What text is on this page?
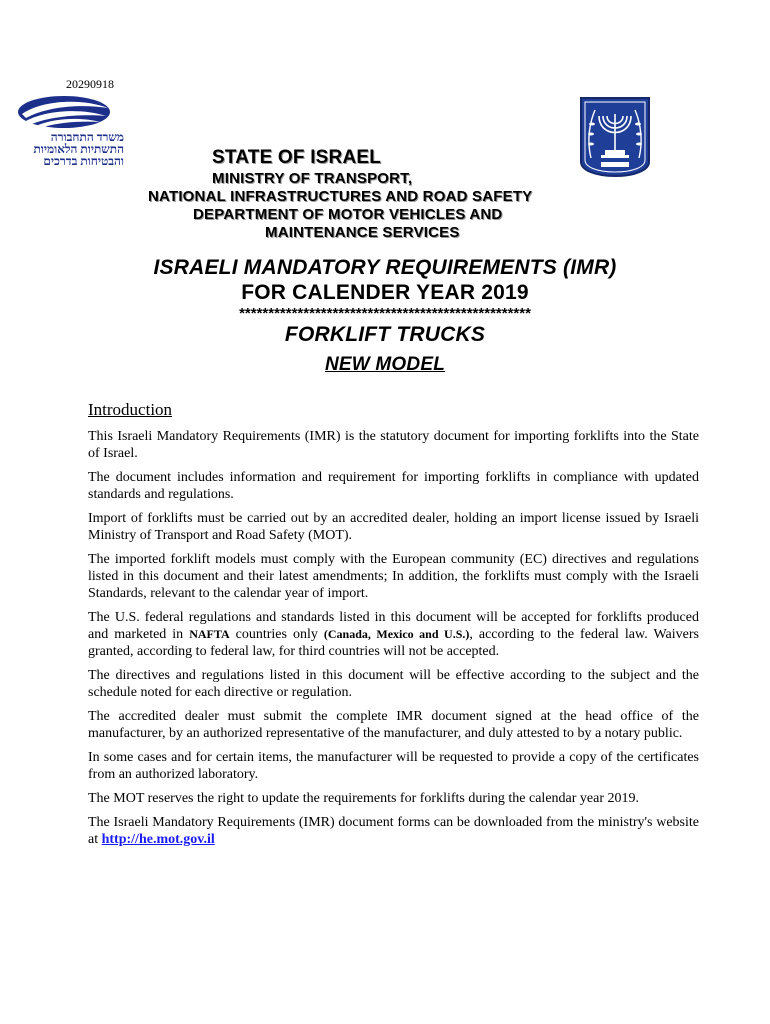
20290918
משרד התחבורה
התשתיות הלאומיות
והבטיחות בדרכים	STATE OF ISRAEL
MINISTRY OF TRANSPORT,
NATIONAL INFRASTRUCTURES AND ROAD SAFETY
DEPARTMENT OF MOTOR VEHICLES AND
MAINTENANCE SERVICES
ISRAELI MANDATORY REQUIREMENTS (IMR)
FOR CALENDER YEAR 2019
**************************************************
FORKLIFT TRUCKS
NEW MODEL
Introduction

This Israeli Mandatory Requirements (IMR) is the statutory document for importing forklifts into the State of Israel.

The document includes information and requirement for importing forklifts in compliance with updated standards and regulations.

Import of forklifts must be carried out by an accredited dealer, holding an import license issued by Israeli Ministry of Transport and Road Safety (MOT).

The imported forklift models must comply with the European community (EC) directives and regulations listed in this document and their latest amendments; In addition, the forklifts must comply with the Israeli Standards, relevant to the calendar year of import.

The U.S. federal regulations and standards listed in this document will be accepted for forklifts produced and marketed in NAFTA countries only (Canada, Mexico and U.S.), according to the federal law. Waivers granted, according to federal law, for third countries will not be accepted.

The directives and regulations listed in this document will be effective according to the subject and the schedule noted for each directive or regulation.

The accredited dealer must submit the complete IMR document signed at the head office of the manufacturer, by an authorized representative of the manufacturer, and duly attested to by a notary public.

In some cases and for certain items, the manufacturer will be requested to provide a copy of the certificates from an authorized laboratory.

The MOT reserves the right to update the requirements for forklifts during the calendar year 2019.

The Israeli Mandatory Requirements (IMR) document forms can be downloaded from the ministry's website at http://he.mot.gov.il
